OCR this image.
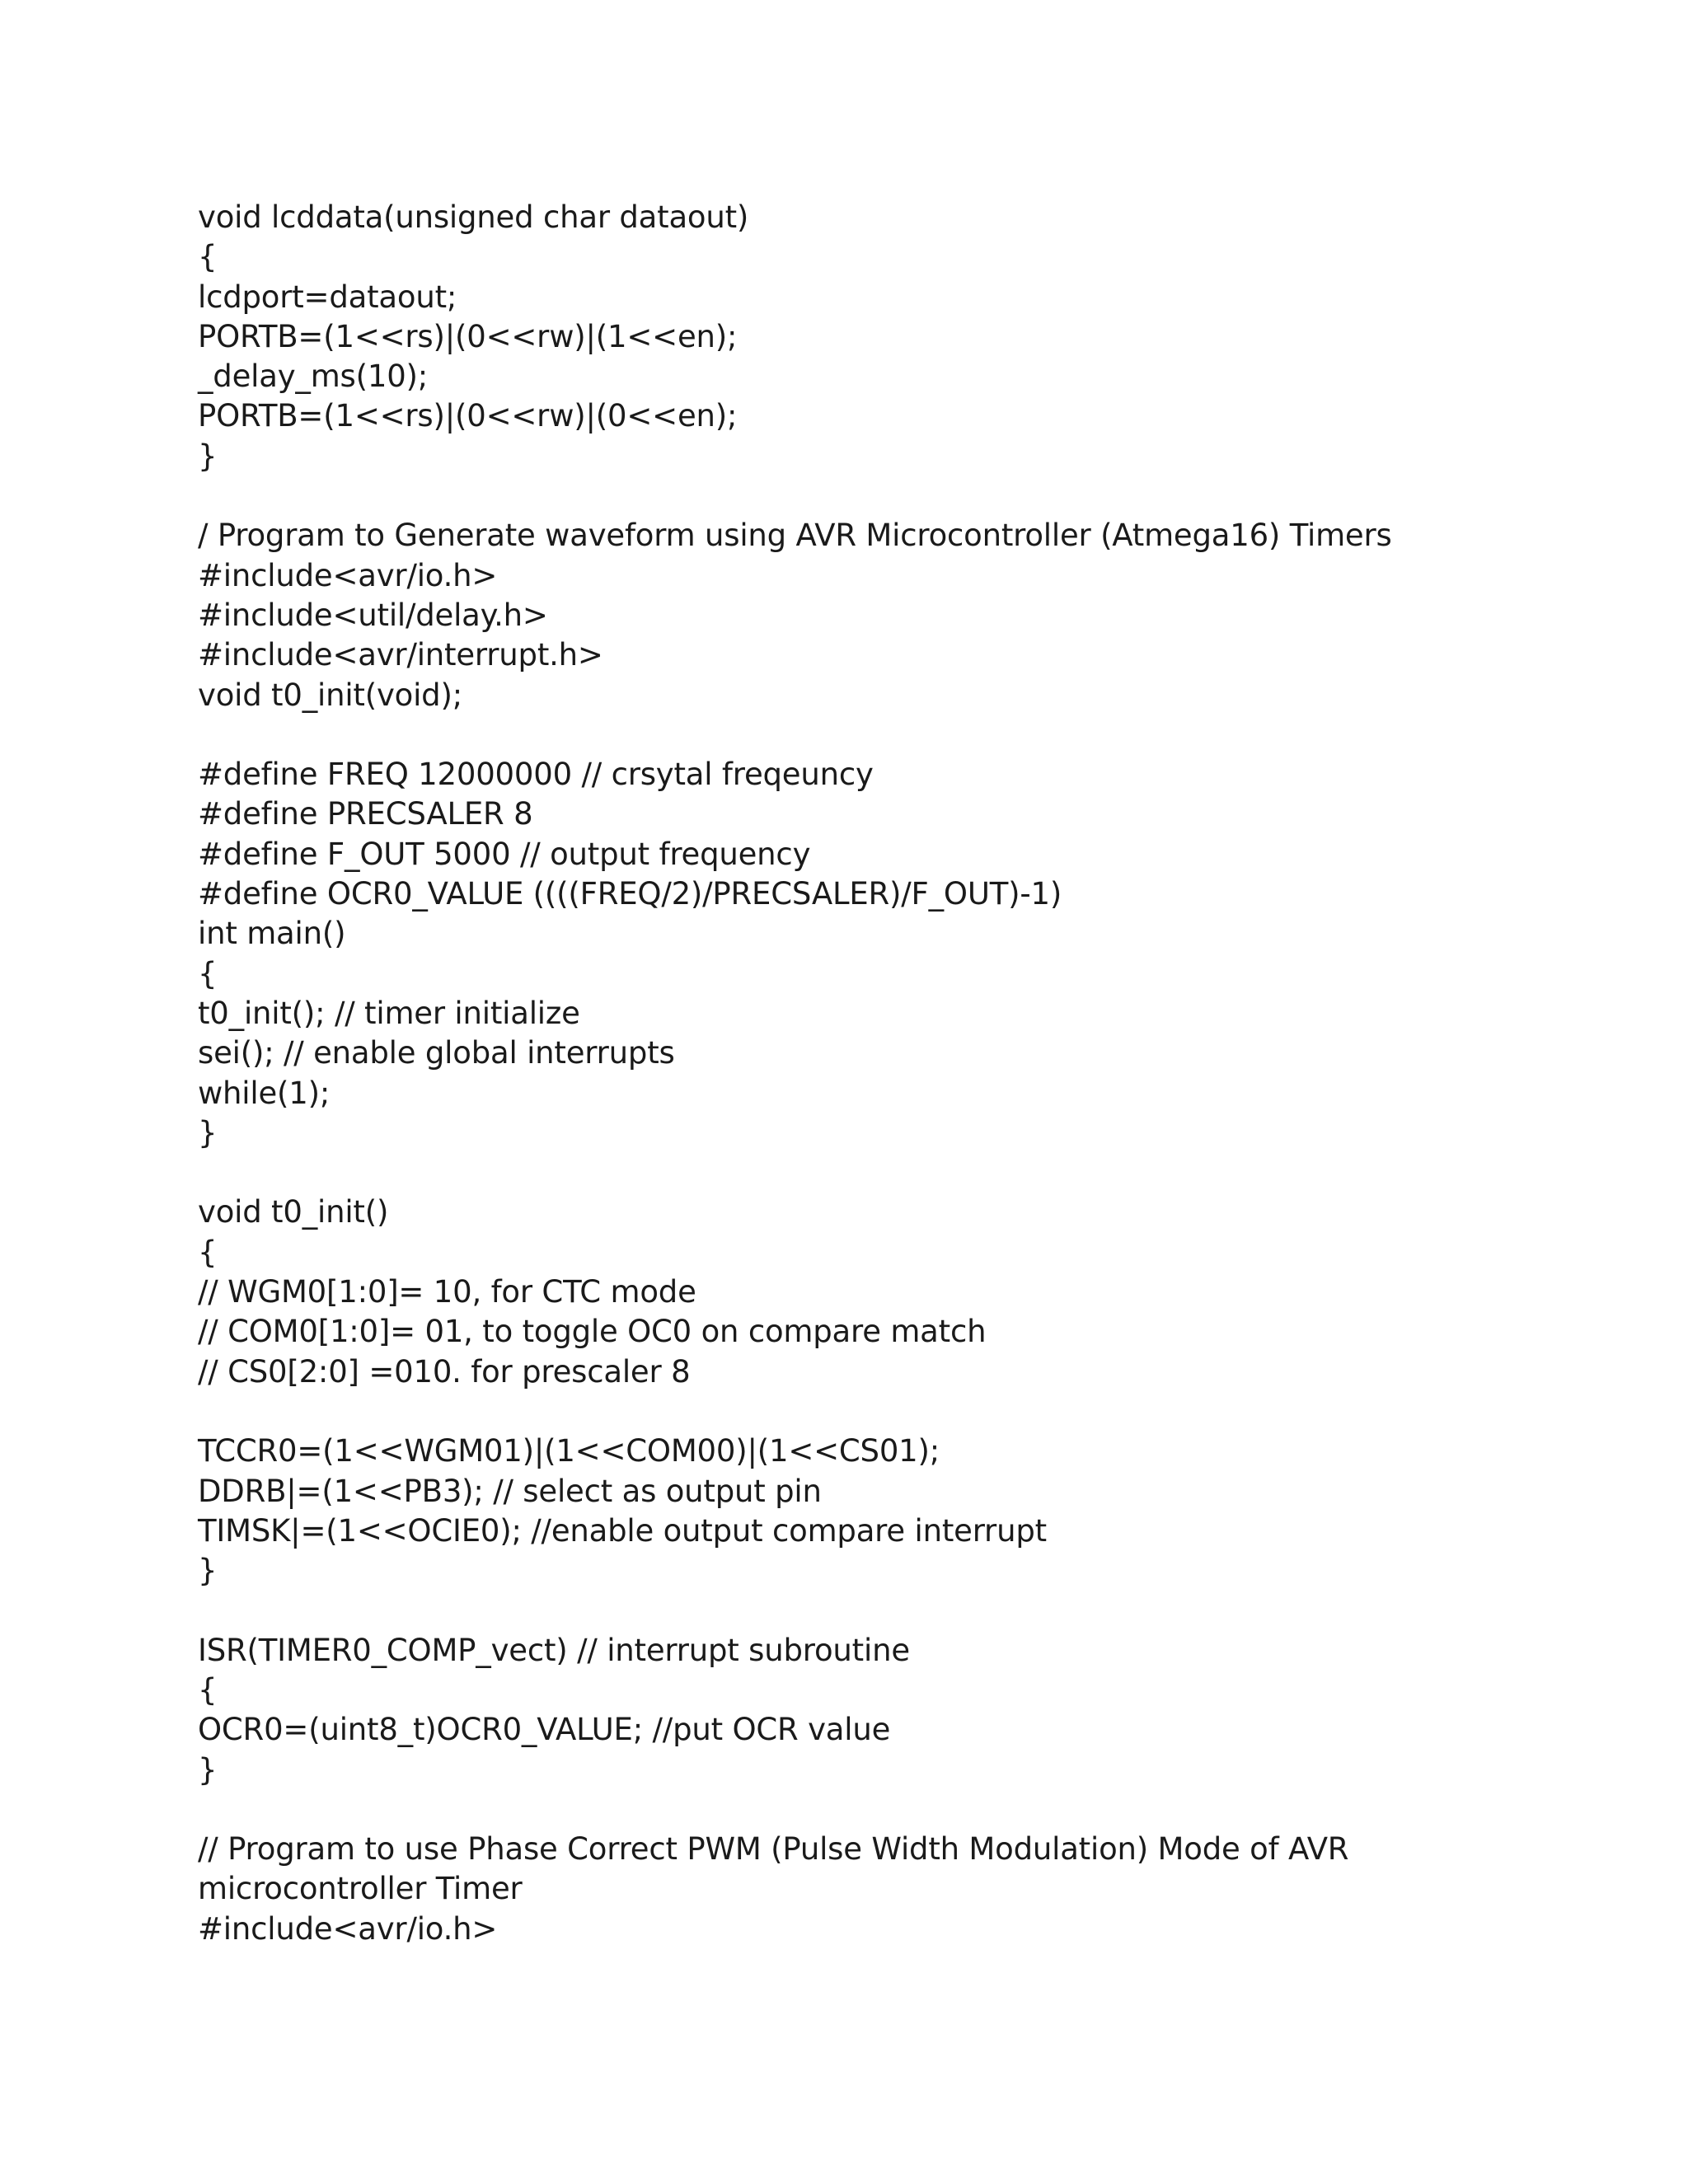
void lcddata(unsigned char dataout)
{
lcdport=dataout;
PORTB=(1<<rs)|(0<<rw)|(1<<en);
_delay_ms(10);
PORTB=(1<<rs)|(0<<rw)|(0<<en);
}
/ Program to Generate waveform using AVR Microcontroller (Atmega16) Timers
#include<avr/io.h>
#include<util/delay.h>
#include<avr/interrupt.h>
void t0_init(void);
#define FREQ 12000000 // crsytal freqeuncy
#define PRECSALER 8
#define F_OUT 5000 // output frequency
#define OCR0_VALUE ((((FREQ/2)/PRECSALER)/F_OUT)-1)
int main()
{
t0_init(); // timer initialize
sei(); // enable global interrupts
while(1);
}
void t0_init()
{
// WGM0[1:0]= 10, for CTC mode
// COM0[1:0]= 01, to toggle OC0 on compare match
// CS0[2:0] =010. for prescaler 8
TCCR0=(1<<WGM01)|(1<<COM00)|(1<<CS01);
DDRB|=(1<<PB3); // select as output pin
TIMSK|=(1<<OCIE0); //enable output compare interrupt
}
ISR(TIMER0_COMP_vect) // interrupt subroutine
{
OCR0=(uint8_t)OCR0_VALUE; //put OCR value
}
// Program to use Phase Correct PWM (Pulse Width Modulation) Mode of AVR
microcontroller Timer
#include<avr/io.h>
